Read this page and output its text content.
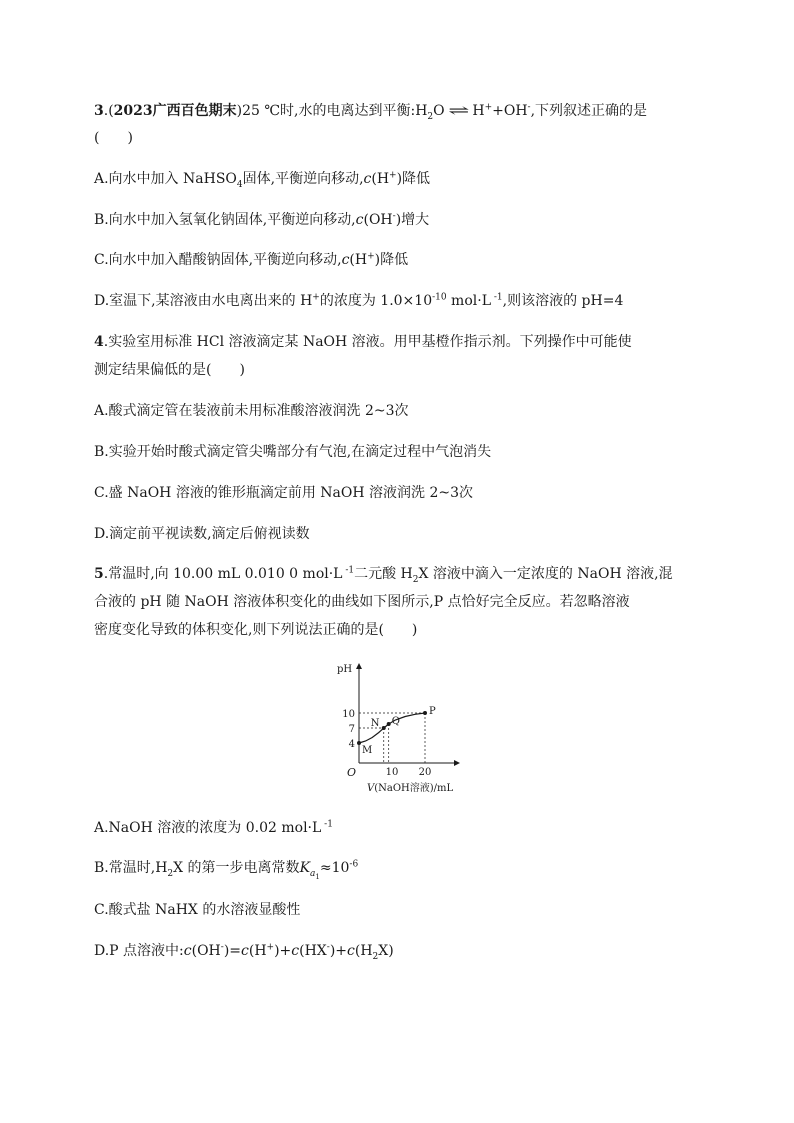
3.(2023广西百色期末)25 ℃时,水的电离达到平衡$:H_2O$ ⇌ H++OH-,下列叙述正确的是
(　　)
A.向水中加入 NaHSO$_4$固体,平衡逆向移动,c(H+)降低
B.向水中加入氢氧化钠固体,平衡逆向移动,c(OH-)增大
C.向水中加入醋酸钠固体,平衡逆向移动,c(H+)降低
D.室温下,某溶液由水电离出来的 H+的浓度为 $1.0\times 10^{-10}$ mol·L $^{-1}$,则该溶液的 pH=4
4.实验室用标准 HCl 溶液滴定某 NaOH 溶液。用甲基橙作指示剂。下列操作中可能使
测定结果偏低的是(　　)
A.酸式滴定管在装液前未用标准酸溶液润洗 2~3次
B.实验开始时酸式滴定管尖嘴部分有气泡,在滴定过程中气泡消失
C.盛 NaOH 溶液的锥形瓶滴定前用 NaOH 溶液润洗 2~3次
D.滴定前平视读数,滴定后俯视读数
5.常温时,向 10.00 mL 0.010 0 mol·L $^{-1}$二元酸 $H_2X$ 溶液中滴入一定浓度的 NaOH 溶液,混
合液的 pH 随 NaOH 溶液体积变化的曲线如下图所示,P 点恰好完全反应。若忽略溶液
密度变化导致的体积变化,则下列说法正确的是(　　)
pH
O
V(NaOH溶液)/mL
4
7
10
10 20
M
N Q
P
A.NaOH 溶液的浓度为 0.02 mol·L $^{-1}$
B.常温时$,H_2X$ 的第一步电离常数$K_{a_1}\approx 10^{-6}$
C.酸式盐 NaHX 的水溶液显酸性
D.P 点溶液中$:c(OH^-)=c(H^+)+c(HX^-)+c(H_2X)$
